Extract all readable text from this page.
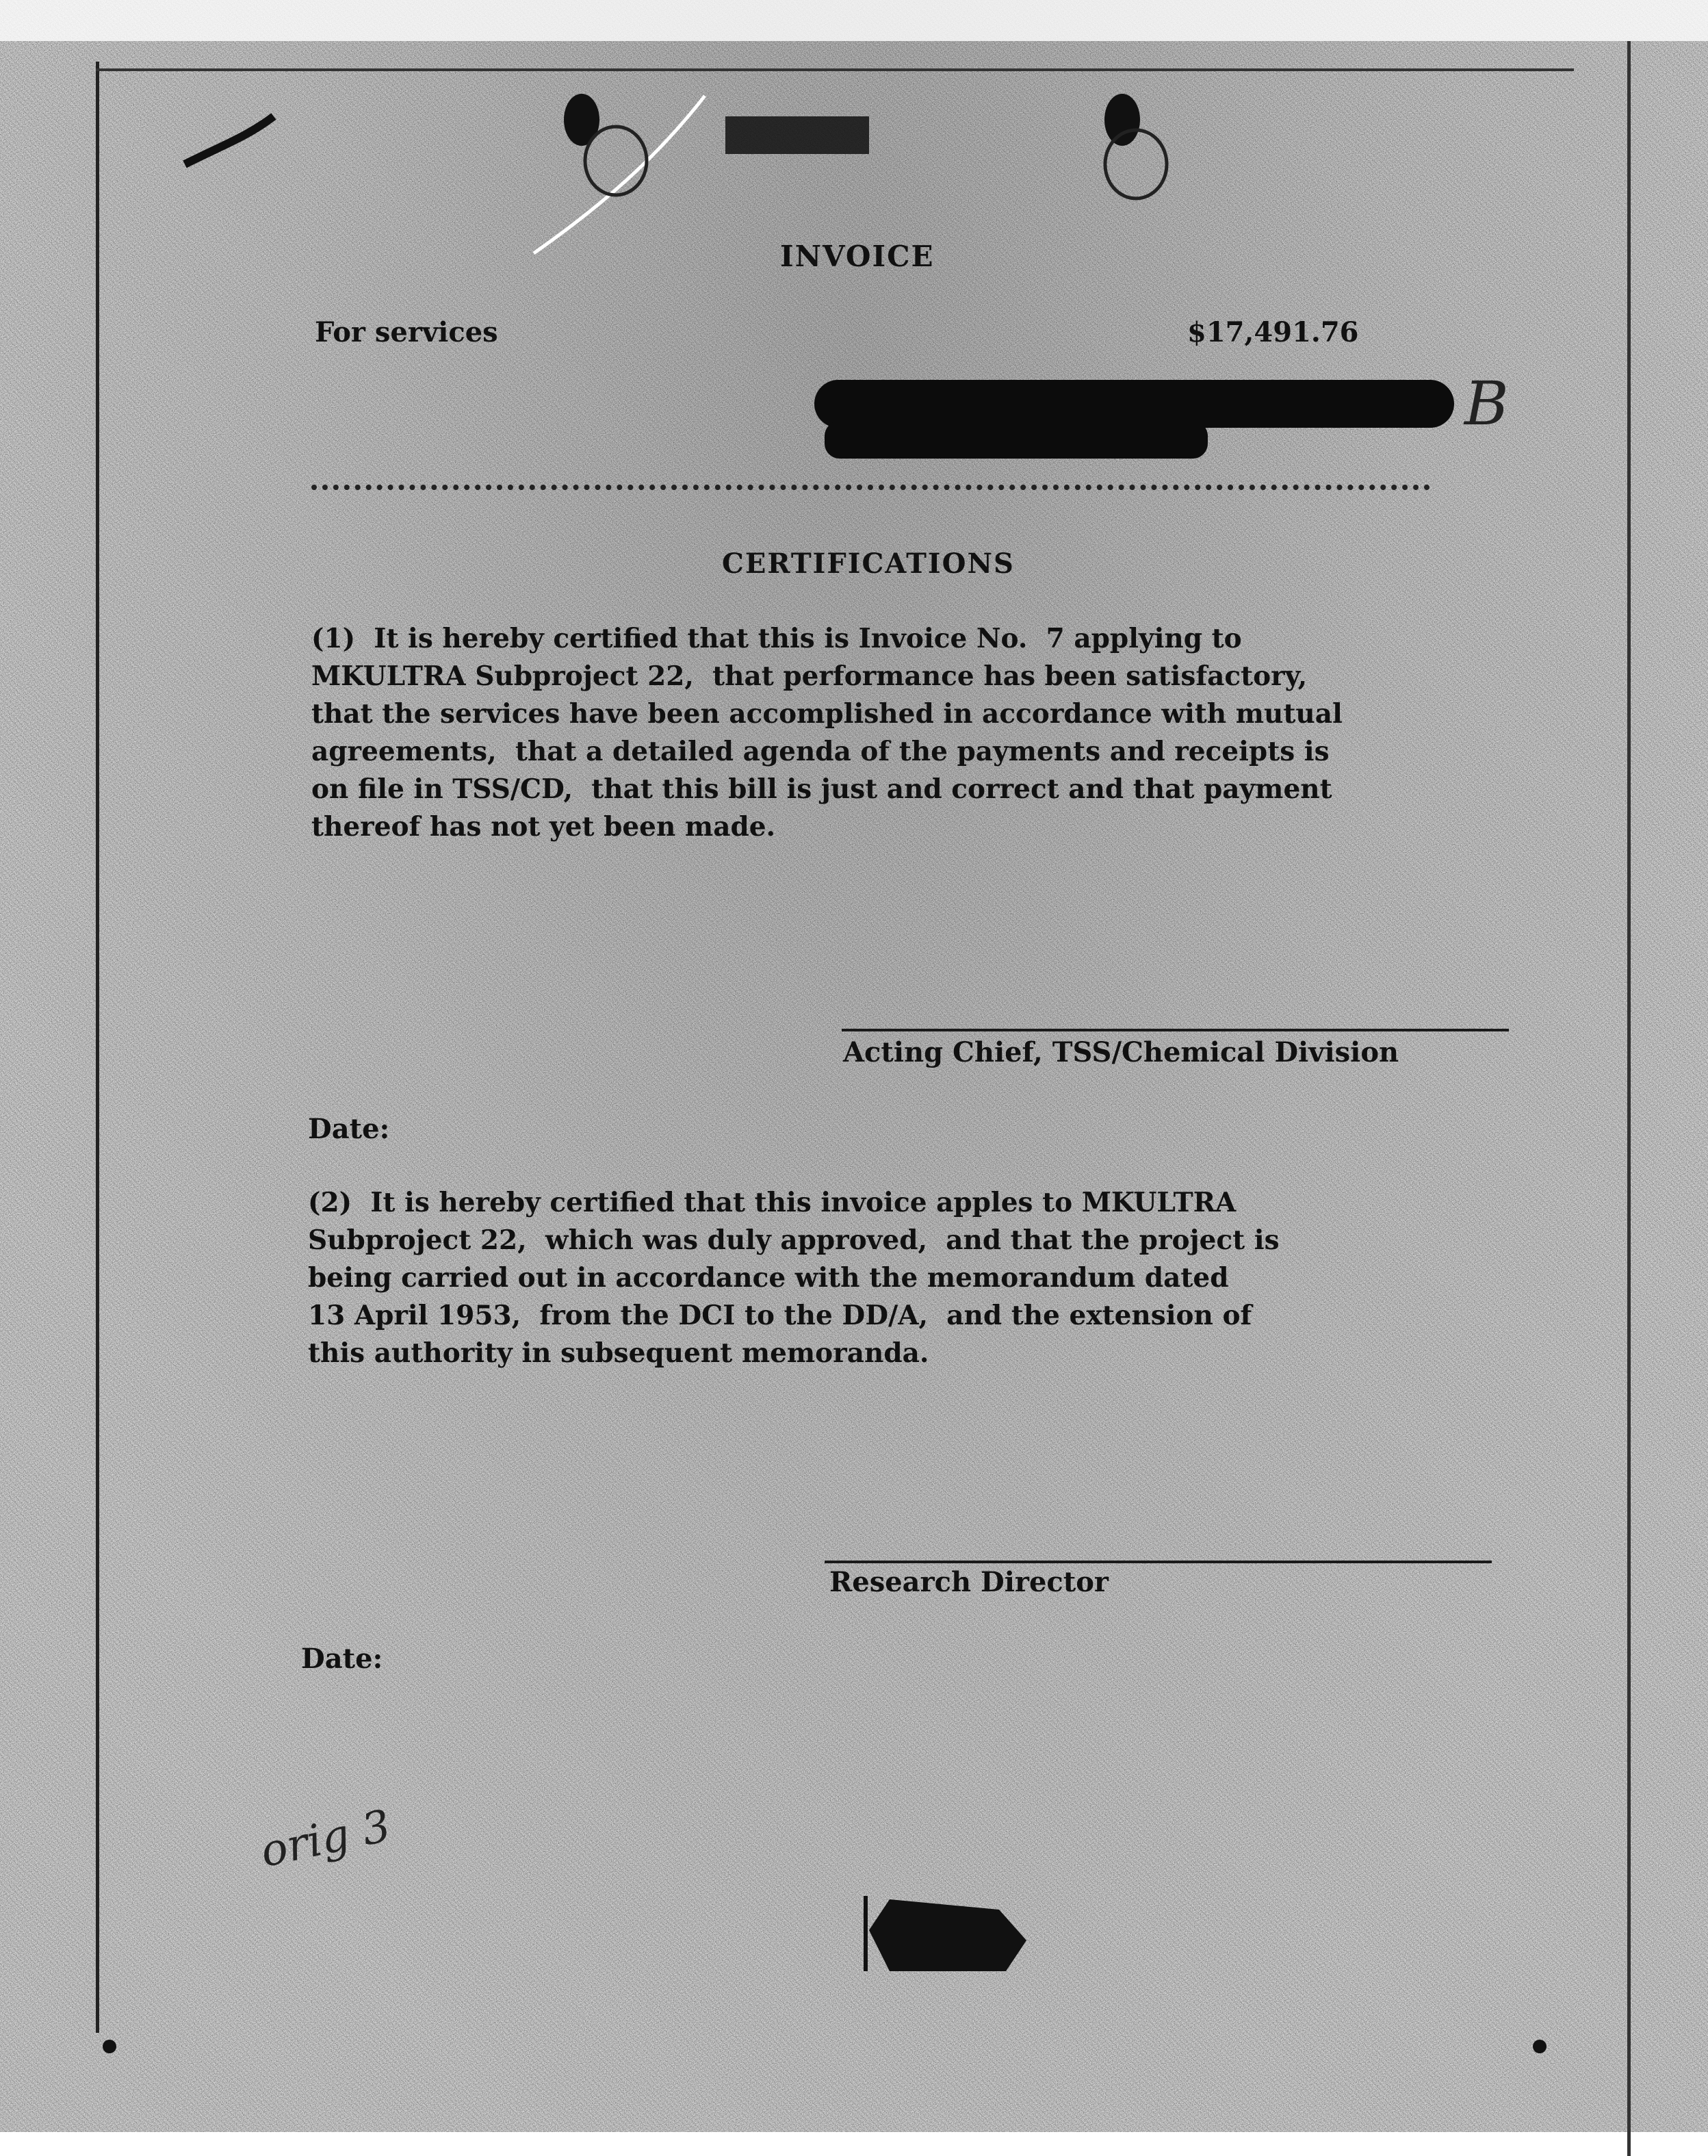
INVOICE
For services	$17,491.76
B
CERTIFICATIONS
(1)  It is hereby certified that this is Invoice No.  7 applying to
MKULTRA Subproject 22,  that performance has been satisfactory,
that the services have been accomplished in accordance with mutual
agreements,  that a detailed agenda of the payments and receipts is
on file in TSS/CD,  that this bill is just and correct and that payment
thereof has not yet been made.
Acting Chief, TSS/Chemical Division
Date:
(2)  It is hereby certified that this invoice apples to MKULTRA
Subproject 22,  which was duly approved,  and that the project is
being carried out in accordance with the memorandum dated
13 April 1953,  from the DCI to the DD/A,  and the extension of
this authority in subsequent memoranda.
Research Director
Date:
orig 3
